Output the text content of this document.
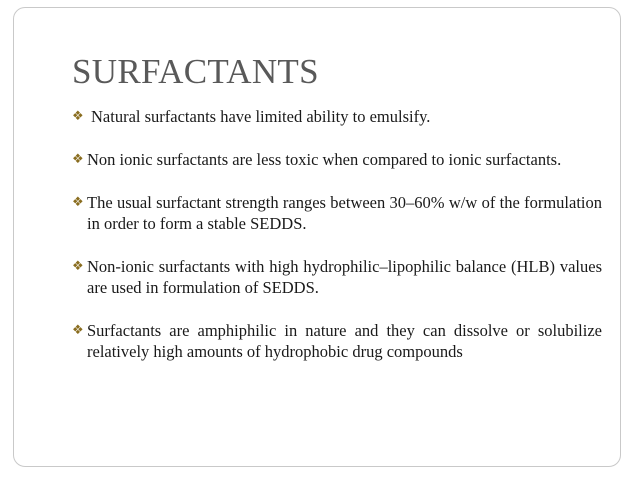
SURFACTANTS
❖ Natural surfactants have limited ability to emulsify.
❖ Non ionic surfactants are less toxic when compared to ionic surfactants.
❖ The usual surfactant strength ranges between 30–60% w/w of the formulation in order to form a stable SEDDS.
❖ Non-ionic surfactants with high hydrophilic–lipophilic balance (HLB) values are used in formulation of SEDDS.
❖ Surfactants are amphiphilic in nature and they can dissolve or solubilize relatively high amounts of hydrophobic drug compounds
